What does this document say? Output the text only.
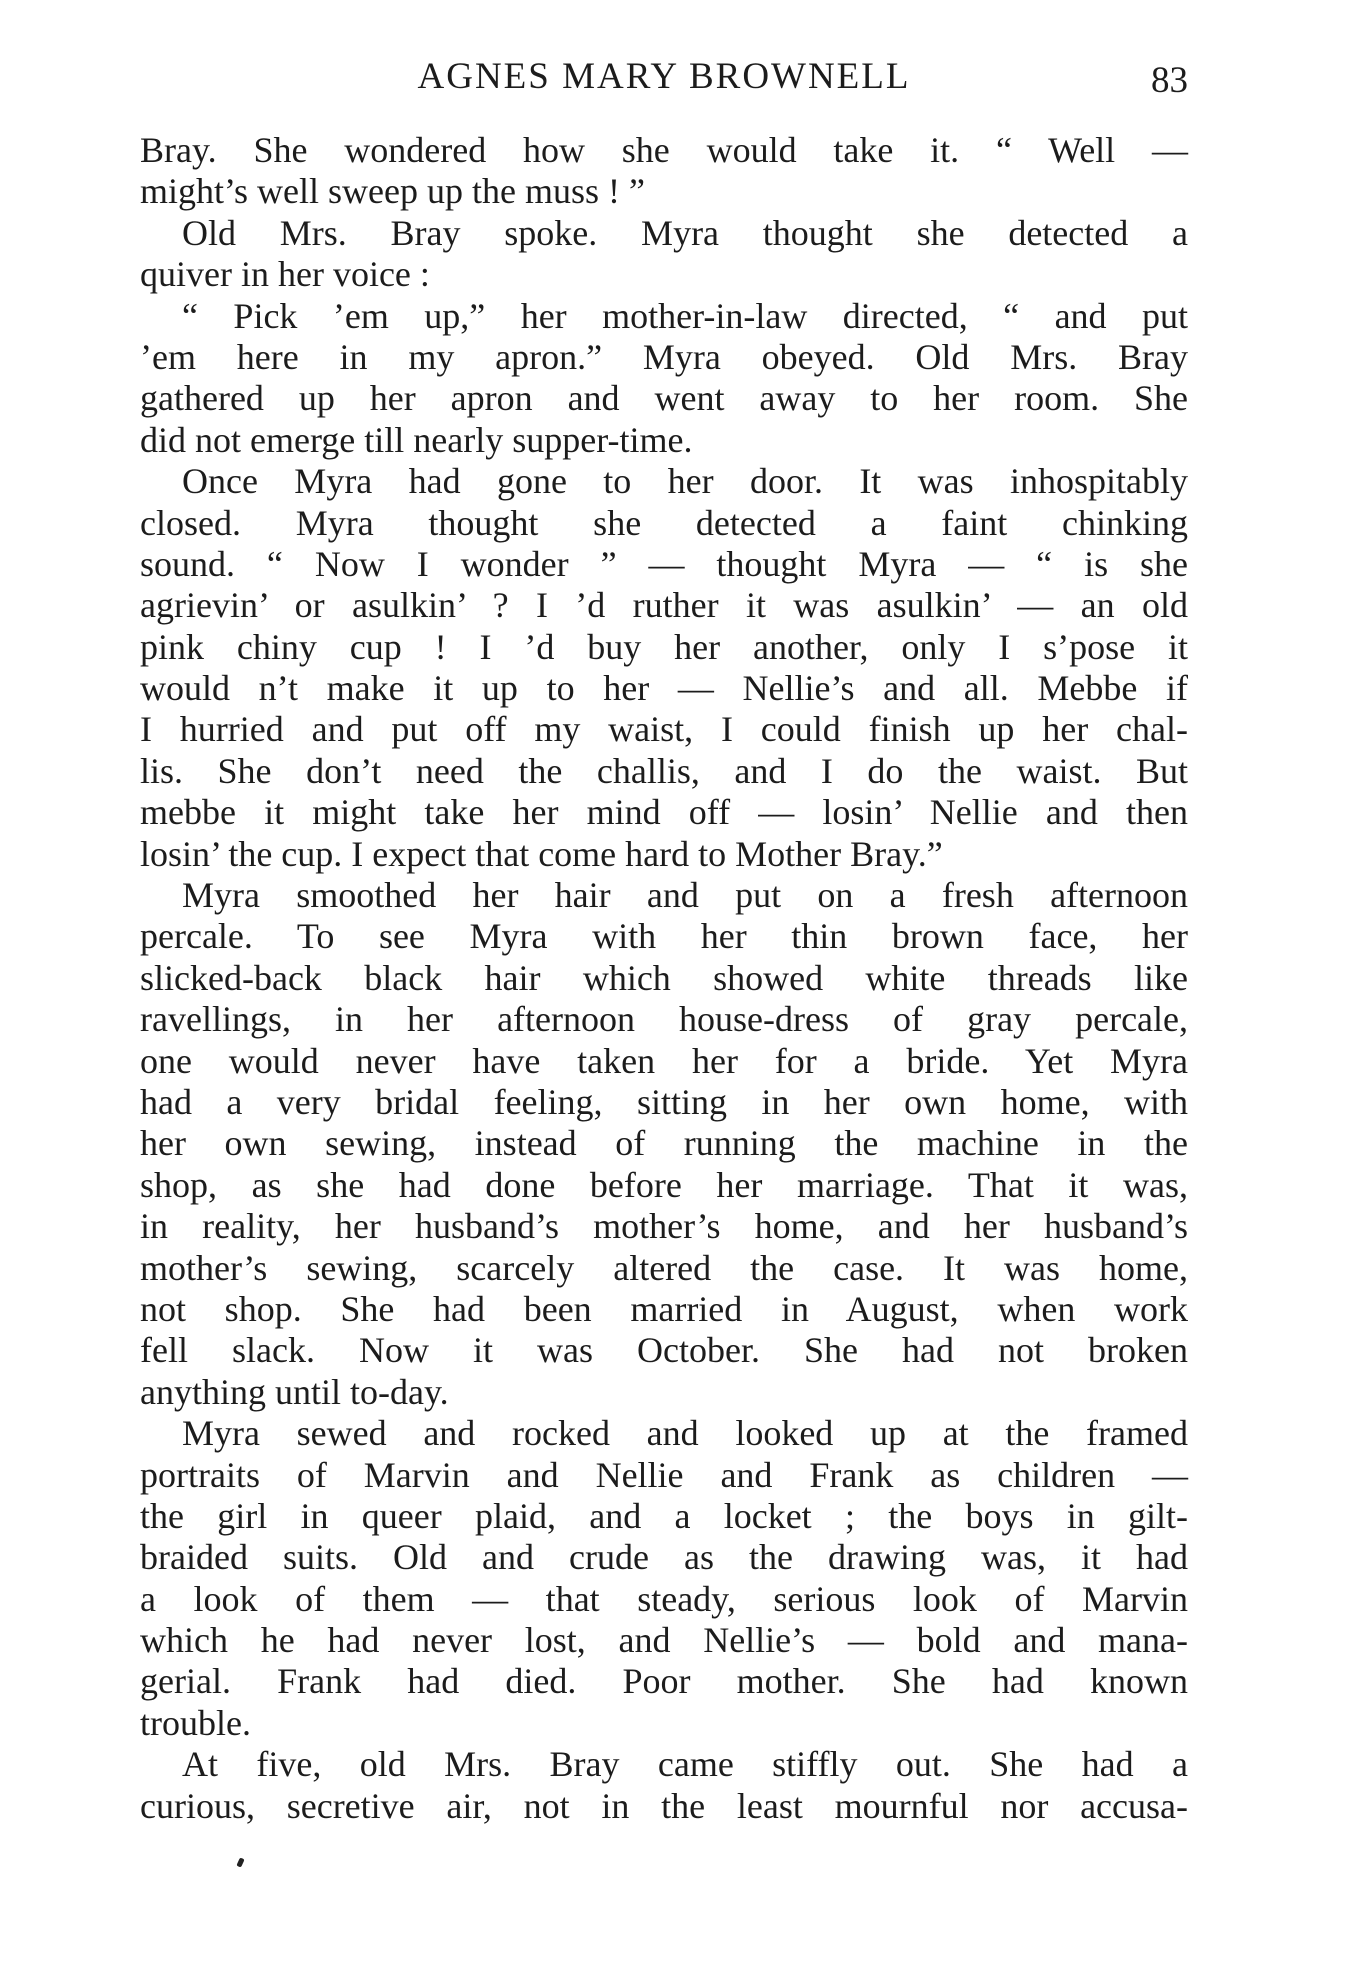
AGNES MARY BROWNELL	83
Bray. She wondered how she would take it. “ Well —
might’s well sweep up the muss ! ”
Old Mrs. Bray spoke. Myra thought she detected a
quiver in her voice :
“ Pick ’em up,” her mother-in-law directed, “ and put
’em here in my apron.” Myra obeyed. Old Mrs. Bray
gathered up her apron and went away to her room. She
did not emerge till nearly supper-time.
Once Myra had gone to her door. It was inhospitably
closed. Myra thought she detected a faint chinking
sound. “ Now I wonder ” — thought Myra — “ is she
agrievin’ or asulkin’ ? I ’d ruther it was asulkin’ — an old
pink chiny cup ! I ’d buy her another, only I s’pose it
would n’t make it up to her — Nellie’s and all. Mebbe if
I hurried and put off my waist, I could finish up her chal-
lis. She don’t need the challis, and I do the waist. But
mebbe it might take her mind off — losin’ Nellie and then
losin’ the cup. I expect that come hard to Mother Bray.”
Myra smoothed her hair and put on a fresh afternoon
percale. To see Myra with her thin brown face, her
slicked-back black hair which showed white threads like
ravellings, in her afternoon house-dress of gray percale,
one would never have taken her for a bride. Yet Myra
had a very bridal feeling, sitting in her own home, with
her own sewing, instead of running the machine in the
shop, as she had done before her marriage. That it was,
in reality, her husband’s mother’s home, and her husband’s
mother’s sewing, scarcely altered the case. It was home,
not shop. She had been married in August, when work
fell slack. Now it was October. She had not broken
anything until to-day.
Myra sewed and rocked and looked up at the framed
portraits of Marvin and Nellie and Frank as children —
the girl in queer plaid, and a locket ; the boys in gilt-
braided suits. Old and crude as the drawing was, it had
a look of them — that steady, serious look of Marvin
which he had never lost, and Nellie’s — bold and mana-
gerial. Frank had died. Poor mother. She had known
trouble.
At five, old Mrs. Bray came stiffly out. She had a
curious, secretive air, not in the least mournful nor accusa-
